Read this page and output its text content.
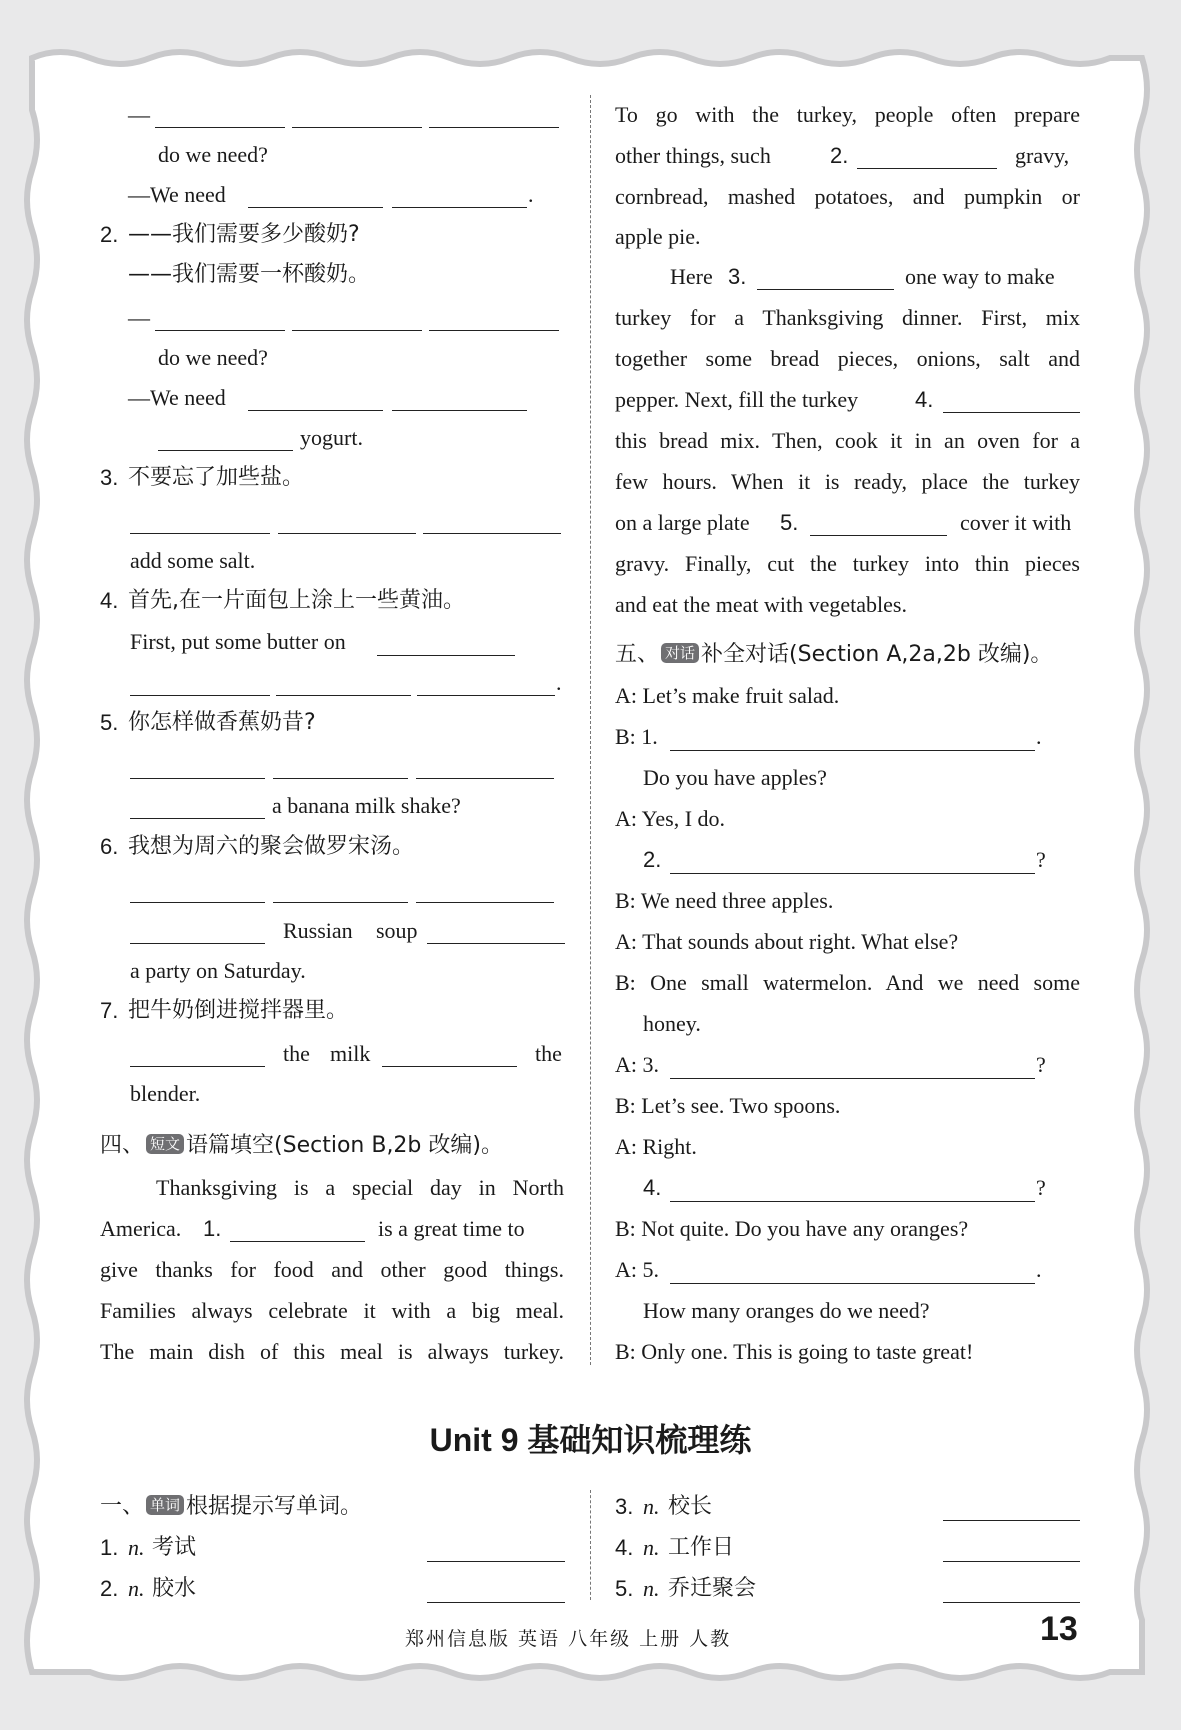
—
do we need?
—We need	.
2. ——我们需要多少酸奶?
——我们需要一杯酸奶。
—
do we need?
—We need
yogurt.
3. 不要忘了加些盐。
add some salt.
4. 首先,在一片面包上涂上一些黄油。
First, put some butter on
.
5. 你怎样做香蕉奶昔?
a banana milk shake?
6. 我想为周六的聚会做罗宋汤。
Russian soup
a party on Saturday.
7. 把牛奶倒进搅拌器里。
the milk	the
blender.
四、 短文 语篇填空(Section B,2b 改编)。
Thanksgiving is a special day in North
America. 1.	is a great time to
give thanks for food and other good things.
Families always celebrate it with a big meal.
The main dish of this meal is always turkey.
To go with the turkey, people often prepare
other things, such	2.	gravy,
cornbread, mashed potatoes, and pumpkin or
apple pie.
Here 3.	one way to make
turkey for a Thanksgiving dinner. First, mix
together some bread pieces, onions, salt and
pepper. Next, fill the turkey	4.
this bread mix. Then, cook it in an oven for a
few hours. When it is ready, place the turkey
on a large plate 5.	cover it with
gravy. Finally, cut the turkey into thin pieces
and eat the meat with vegetables.
五、 对话 补全对话(Section A,2a,2b 改编)。
A: Let’s make fruit salad.
B: 1.	.
Do you have apples?
A: Yes, I do.
2.	?
B: We need three apples.
A: That sounds about right. What else?
B: One small watermelon. And we need some
honey.
A: 3.	?
B: Let’s see. Two spoons.
A: Right.
4.	?
B: Not quite. Do you have any oranges?
A: 5.	.
How many oranges do we need?
B: Only one. This is going to taste great!
Unit 9 基础知识梳理练
一、 单词 根据提示写单词。
1. n. 考试
2. n. 胶水
3. n. 校长
4. n. 工作日
5. n. 乔迁聚会
郑州信息版 英语 八年级 上册 人教	13
